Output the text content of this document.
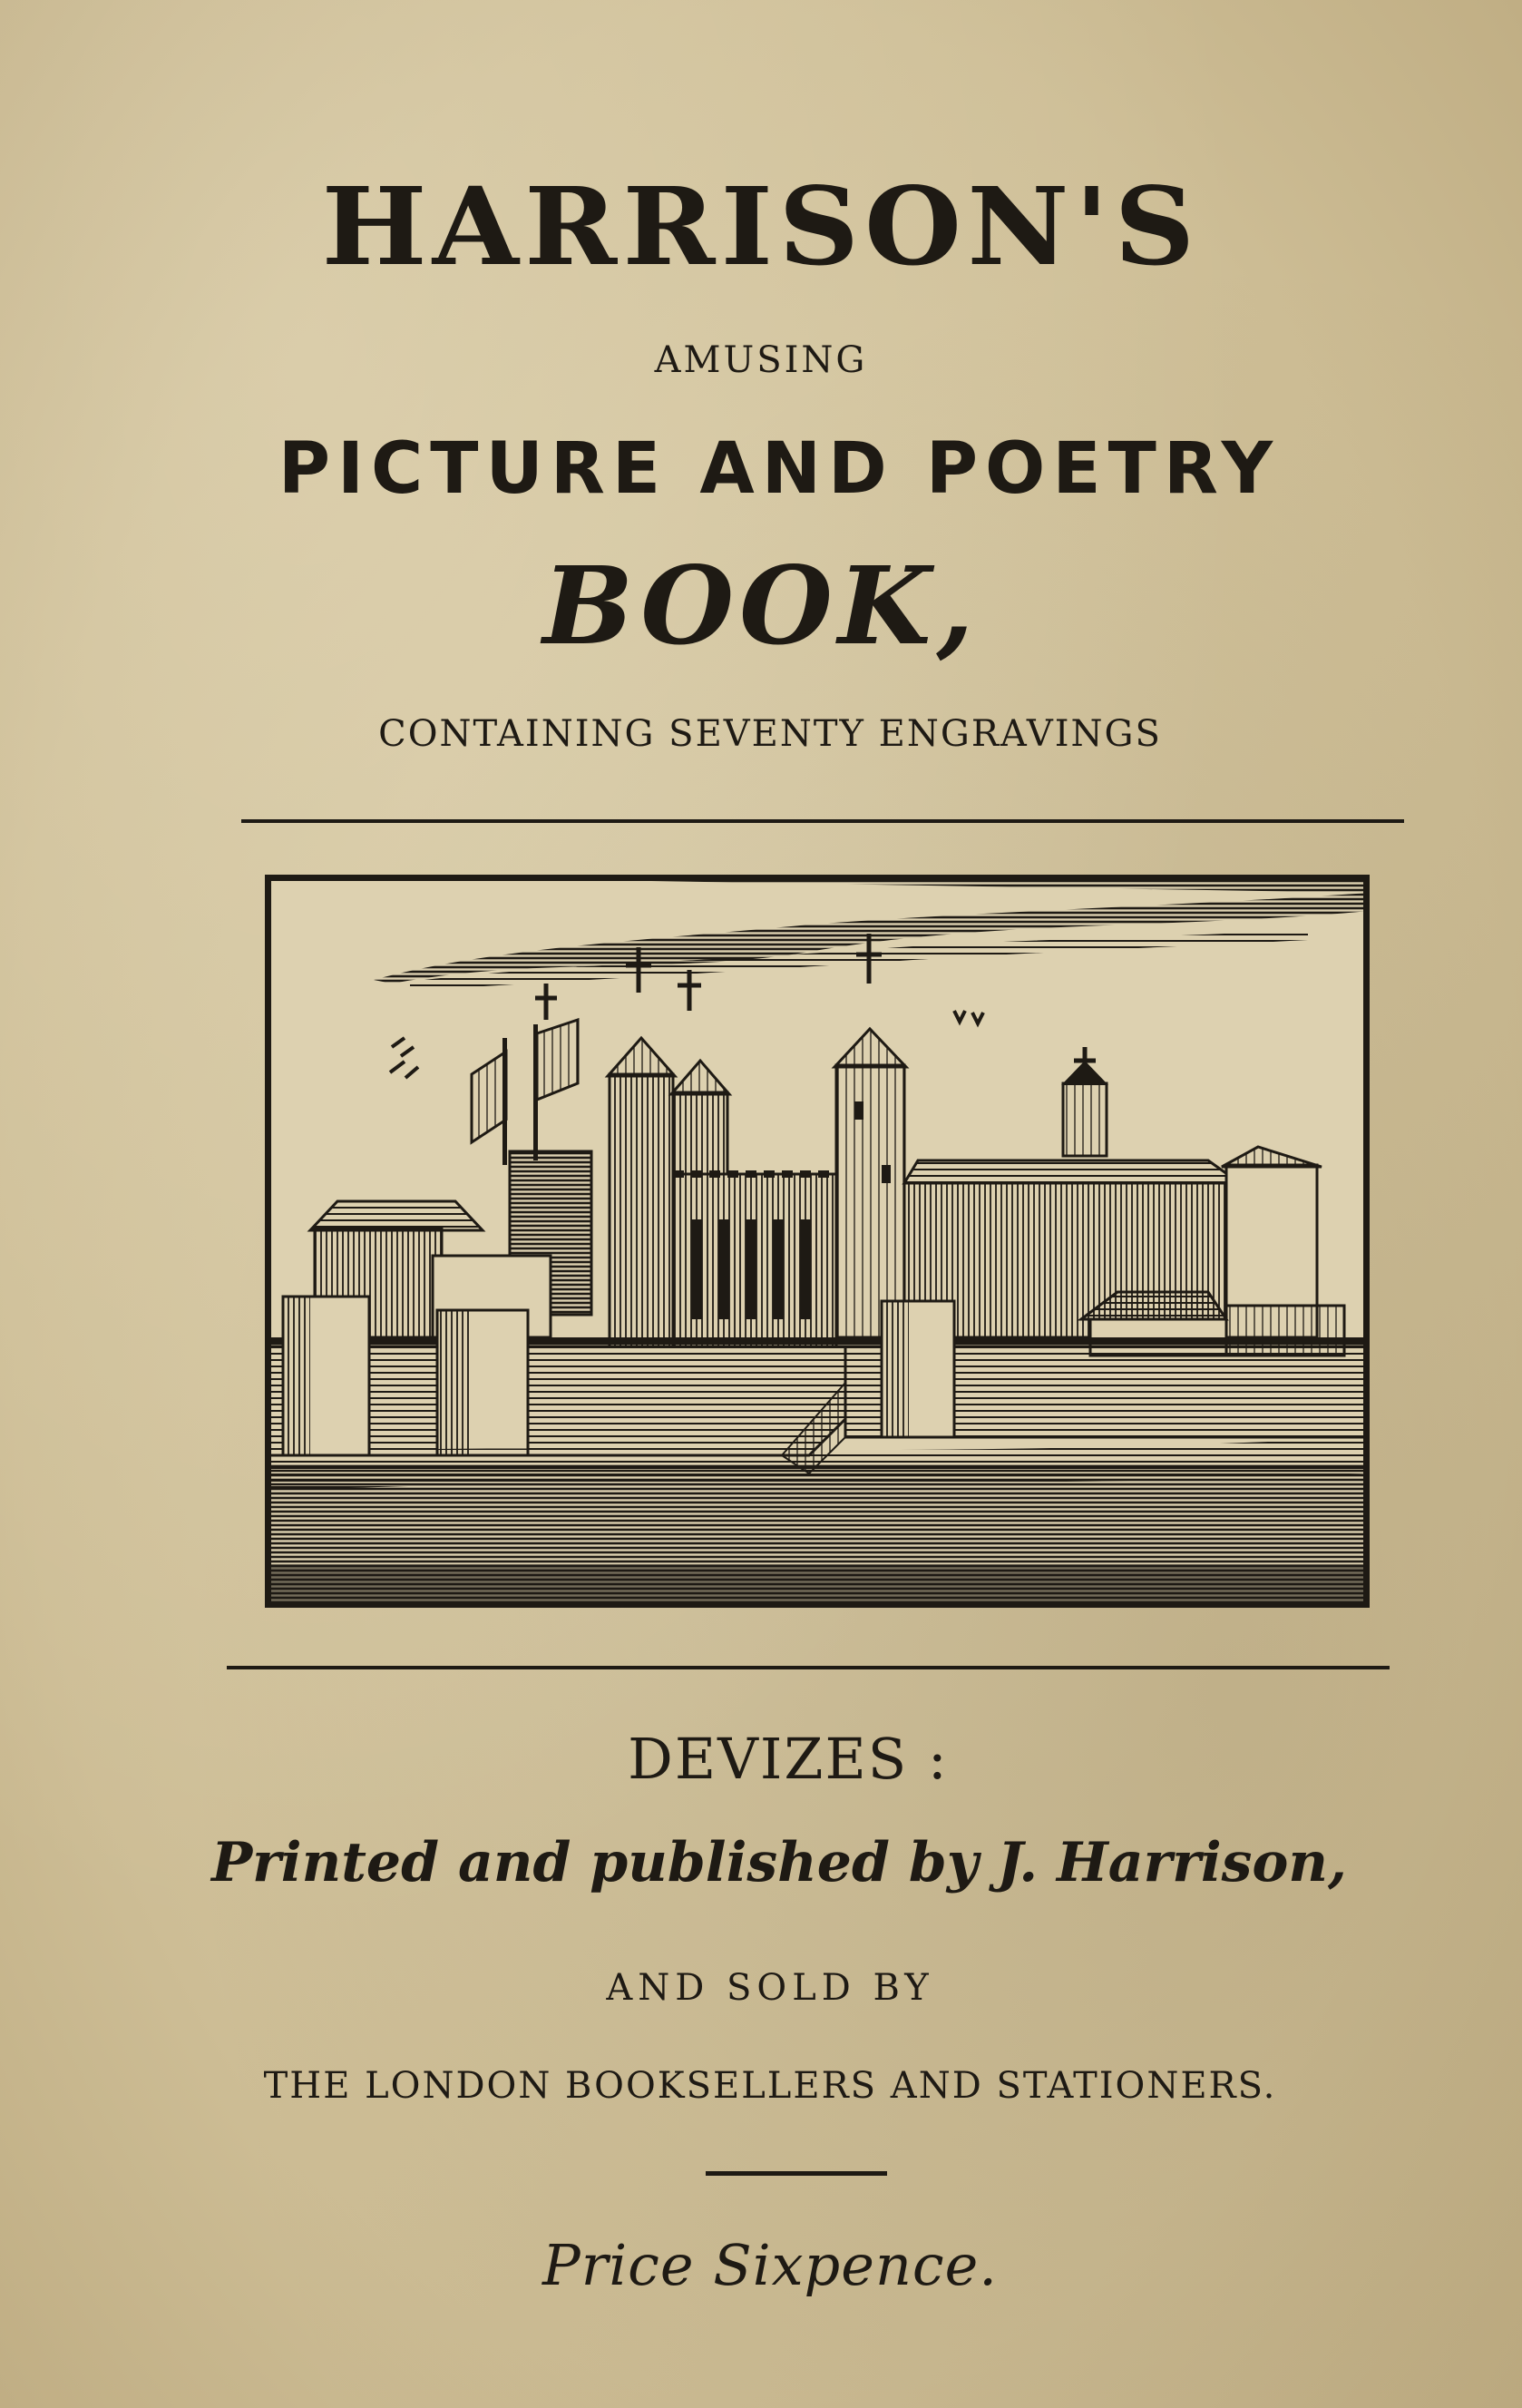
HARRISON'S
AMUSING
PICTURE AND POETRY
BOOK,
CONTAINING SEVENTY ENGRAVINGS
DEVIZES :
Printed and published by J. Harrison,
AND SOLD BY
THE LONDON BOOKSELLERS AND STATIONERS.
Price Sixpence.
